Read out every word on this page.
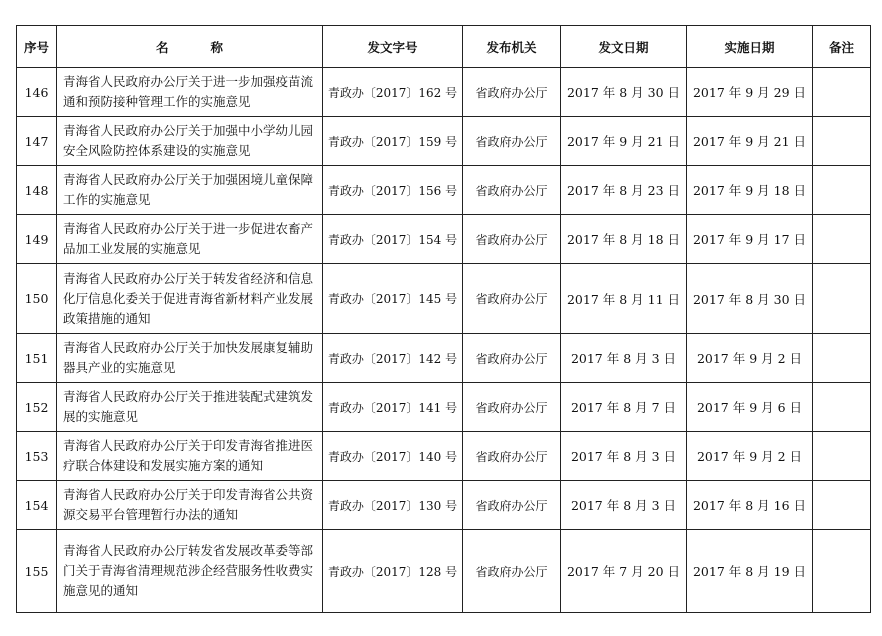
序号	名 称	发文字号	发布机关	发文日期	实施日期	备注
146	青海省人民政府办公厅关于进一步加强疫苗流通和预防接种管理工作的实施意见	青政办〔2017〕162 号	省政府办公厅	2017 年 8 月 30 日	2017 年 9 月 29 日	
147	青海省人民政府办公厅关于加强中小学幼儿园安全风险防控体系建设的实施意见	青政办〔2017〕159 号	省政府办公厅	2017 年 9 月 21 日	2017 年 9 月 21 日	
148	青海省人民政府办公厅关于加强困境儿童保障工作的实施意见	青政办〔2017〕156 号	省政府办公厅	2017 年 8 月 23 日	2017 年 9 月 18 日	
149	青海省人民政府办公厅关于进一步促进农畜产品加工业发展的实施意见	青政办〔2017〕154 号	省政府办公厅	2017 年 8 月 18 日	2017 年 9 月 17 日	
150	青海省人民政府办公厅关于转发省经济和信息化厅信息化委关于促进青海省新材料产业发展政策措施的通知	青政办〔2017〕145 号	省政府办公厅	2017 年 8 月 11 日	2017 年 8 月 30 日	
151	青海省人民政府办公厅关于加快发展康复辅助器具产业的实施意见	青政办〔2017〕142 号	省政府办公厅	2017 年 8 月 3 日	2017 年 9 月 2 日	
152	青海省人民政府办公厅关于推进装配式建筑发展的实施意见	青政办〔2017〕141 号	省政府办公厅	2017 年 8 月 7 日	2017 年 9 月 6 日	
153	青海省人民政府办公厅关于印发青海省推进医疗联合体建设和发展实施方案的通知	青政办〔2017〕140 号	省政府办公厅	2017 年 8 月 3 日	2017 年 9 月 2 日	
154	青海省人民政府办公厅关于印发青海省公共资源交易平台管理暂行办法的通知	青政办〔2017〕130 号	省政府办公厅	2017 年 8 月 3 日	2017 年 8 月 16 日	
155	青海省人民政府办公厅转发省发展改革委等部门关于青海省清理规范涉企经营服务性收费实施意见的通知	青政办〔2017〕128 号	省政府办公厅	2017 年 7 月 20 日	2017 年 8 月 19 日	
